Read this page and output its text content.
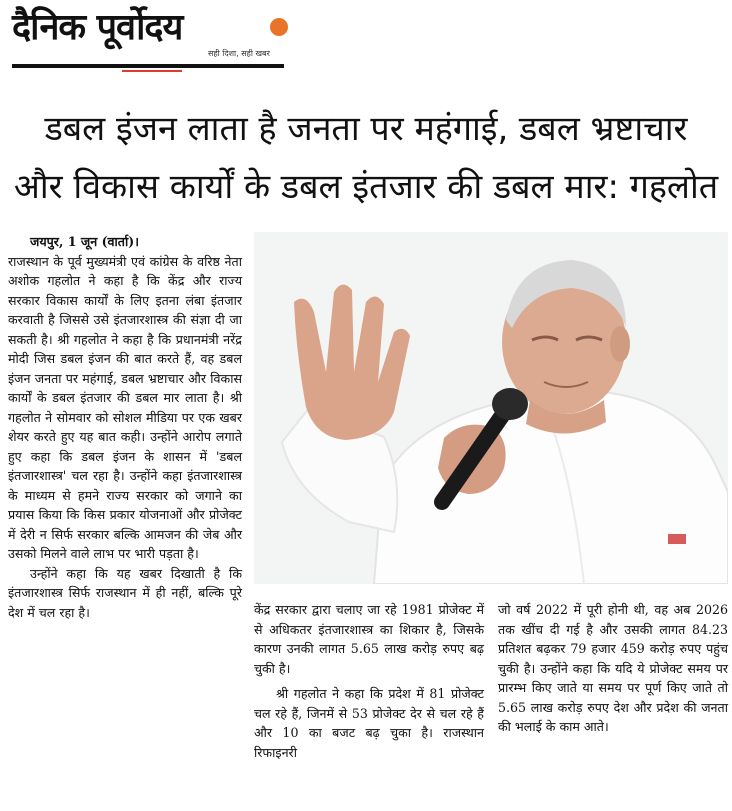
दैनिक पूर्वोदय
सही दिशा, सही खबर
डबल इंजन लाता है जनता पर महंगाई, डबल भ्रष्टाचार
और विकास कार्यों के डबल इंतजार की डबल मार: गहलोत
जयपुर, 1 जून (वार्ता)।

राजस्थान के पूर्व मुख्यमंत्री एवं कांग्रेस के वरिष्ठ नेता अशोक गहलोत ने कहा है कि केंद्र और राज्य सरकार विकास कार्यों के लिए इतना लंबा इंतजार करवाती है जिससे उसे इंतजारशास्त्र की संज्ञा दी जा सकती है। श्री गहलोत ने कहा है कि प्रधानमंत्री नरेंद्र मोदी जिस डबल इंजन की बात करते हैं, वह डबल इंजन जनता पर महंगाई, डबल भ्रष्टाचार और विकास कार्यों के डबल इंतजार की डबल मार लाता है। श्री गहलोत ने सोमवार को सोशल मीडिया पर एक खबर शेयर करते हुए यह बात कही। उन्होंने आरोप लगाते हुए कहा कि डबल इंजन के शासन में 'डबल इंतजारशास्त्र' चल रहा है। उन्होंने कहा इंतजारशास्त्र के माध्यम से हमने राज्य सरकार को जगाने का प्रयास किया कि किस प्रकार योजनाओं और प्रोजेक्ट में देरी न सिर्फ सरकार बल्कि आमजन की जेब और उसको मिलने वाले लाभ पर भारी पड़ता है।

उन्होंने कहा कि यह खबर दिखाती है कि इंतजारशास्त्र सिर्फ राजस्थान में ही नहीं, बल्कि पूरे देश में चल रहा है।	केंद्र सरकार द्वारा चलाए जा रहे 1981 प्रोजेक्ट में से अधिकतर इंतजारशास्त्र का शिकार है, जिसके कारण उनकी लागत 5.65 लाख करोड़ रुपए बढ़ चुकी है।

श्री गहलोत ने कहा कि प्रदेश में 81 प्रोजेक्ट चल रहे हैं, जिनमें से 53 प्रोजेक्ट देर से चल रहे हैं और 10 का बजट बढ़ चुका है। राजस्थान रिफाइनरी

जो वर्ष 2022 में पूरी होनी थी, वह अब 2026 तक खींच दी गई है और उसकी लागत 84.23 प्रतिशत बढ़कर 79 हजार 459 करोड़ रुपए पहुंच चुकी है। उन्होंने कहा कि यदि ये प्रोजेक्ट समय पर प्रारम्भ किए जाते या समय पर पूर्ण किए जाते तो 5.65 लाख करोड़ रुपए देश और प्रदेश की जनता की भलाई के काम आते।
